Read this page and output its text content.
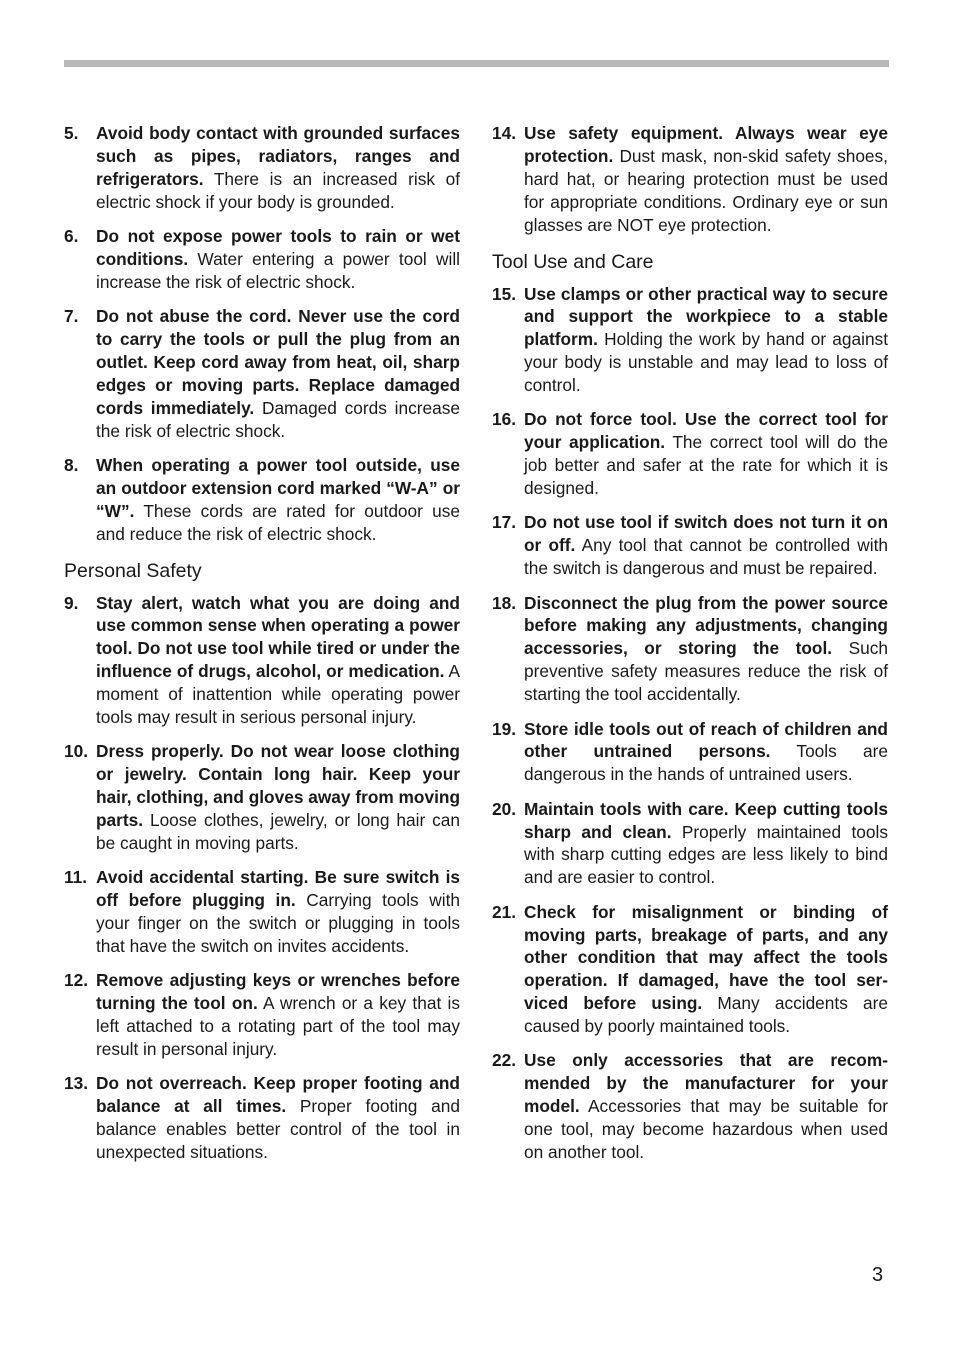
5.	Avoid body contact with grounded surfaces such as pipes, radiators, ranges and refrigerators. There is an increased risk of electric shock if your body is grounded.
6.	Do not expose power tools to rain or wet conditions. Water entering a power tool will increase the risk of electric shock.
7.	Do not abuse the cord. Never use the cord to carry the tools or pull the plug from an outlet. Keep cord away from heat, oil, sharp edges or moving parts. Replace damaged cords immediately. Damaged cords increase the risk of electric shock.
8.	When operating a power tool outside, use an outdoor extension cord marked “W-A” or “W”. These cords are rated for outdoor use and reduce the risk of electric shock.
Personal Safety
9.	Stay alert, watch what you are doing and use common sense when operating a power tool. Do not use tool while tired or under the influence of drugs, alcohol, or medication. A moment of inattention while operating power tools may result in serious personal injury.
10. Dress properly. Do not wear loose clothing or jewelry. Contain long hair. Keep your hair, clothing, and gloves away from moving parts. Loose clothes, jewelry, or long hair can be caught in moving parts.
11. Avoid accidental starting. Be sure switch is off before plugging in. Carrying tools with your finger on the switch or plugging in tools that have the switch on invites accidents.
12. Remove adjusting keys or wrenches before turning the tool on. A wrench or a key that is left attached to a rotating part of the tool may result in personal injury.
13. Do not overreach. Keep proper footing and balance at all times. Proper footing and balance enables better control of the tool in unexpected situations.
14. Use safety equipment. Always wear eye protection. Dust mask, non-skid safety shoes, hard hat, or hearing protection must be used for appropriate conditions. Ordinary eye or sun glasses are NOT eye protection.
Tool Use and Care
15. Use clamps or other practical way to secure and support the workpiece to a stable platform. Holding the work by hand or against your body is unstable and may lead to loss of control.
16. Do not force tool. Use the correct tool for your application. The correct tool will do the job better and safer at the rate for which it is designed.
17. Do not use tool if switch does not turn it on or off. Any tool that cannot be controlled with the switch is dangerous and must be repaired.
18. Disconnect the plug from the power source before making any adjustments, changing accessories, or storing the tool. Such preventive safety measures reduce the risk of starting the tool accidentally.
19. Store idle tools out of reach of children and other untrained persons. Tools are dangerous in the hands of untrained users.
20. Maintain tools with care. Keep cutting tools sharp and clean. Properly maintained tools with sharp cutting edges are less likely to bind and are easier to control.
21. Check for misalignment or binding of moving parts, breakage of parts, and any other condition that may affect the tools operation. If damaged, have the tool serviced before using. Many accidents are caused by poorly maintained tools.
22. Use only accessories that are recommended by the manufacturer for your model. Accessories that may be suitable for one tool, may become hazardous when used on another tool.
3
